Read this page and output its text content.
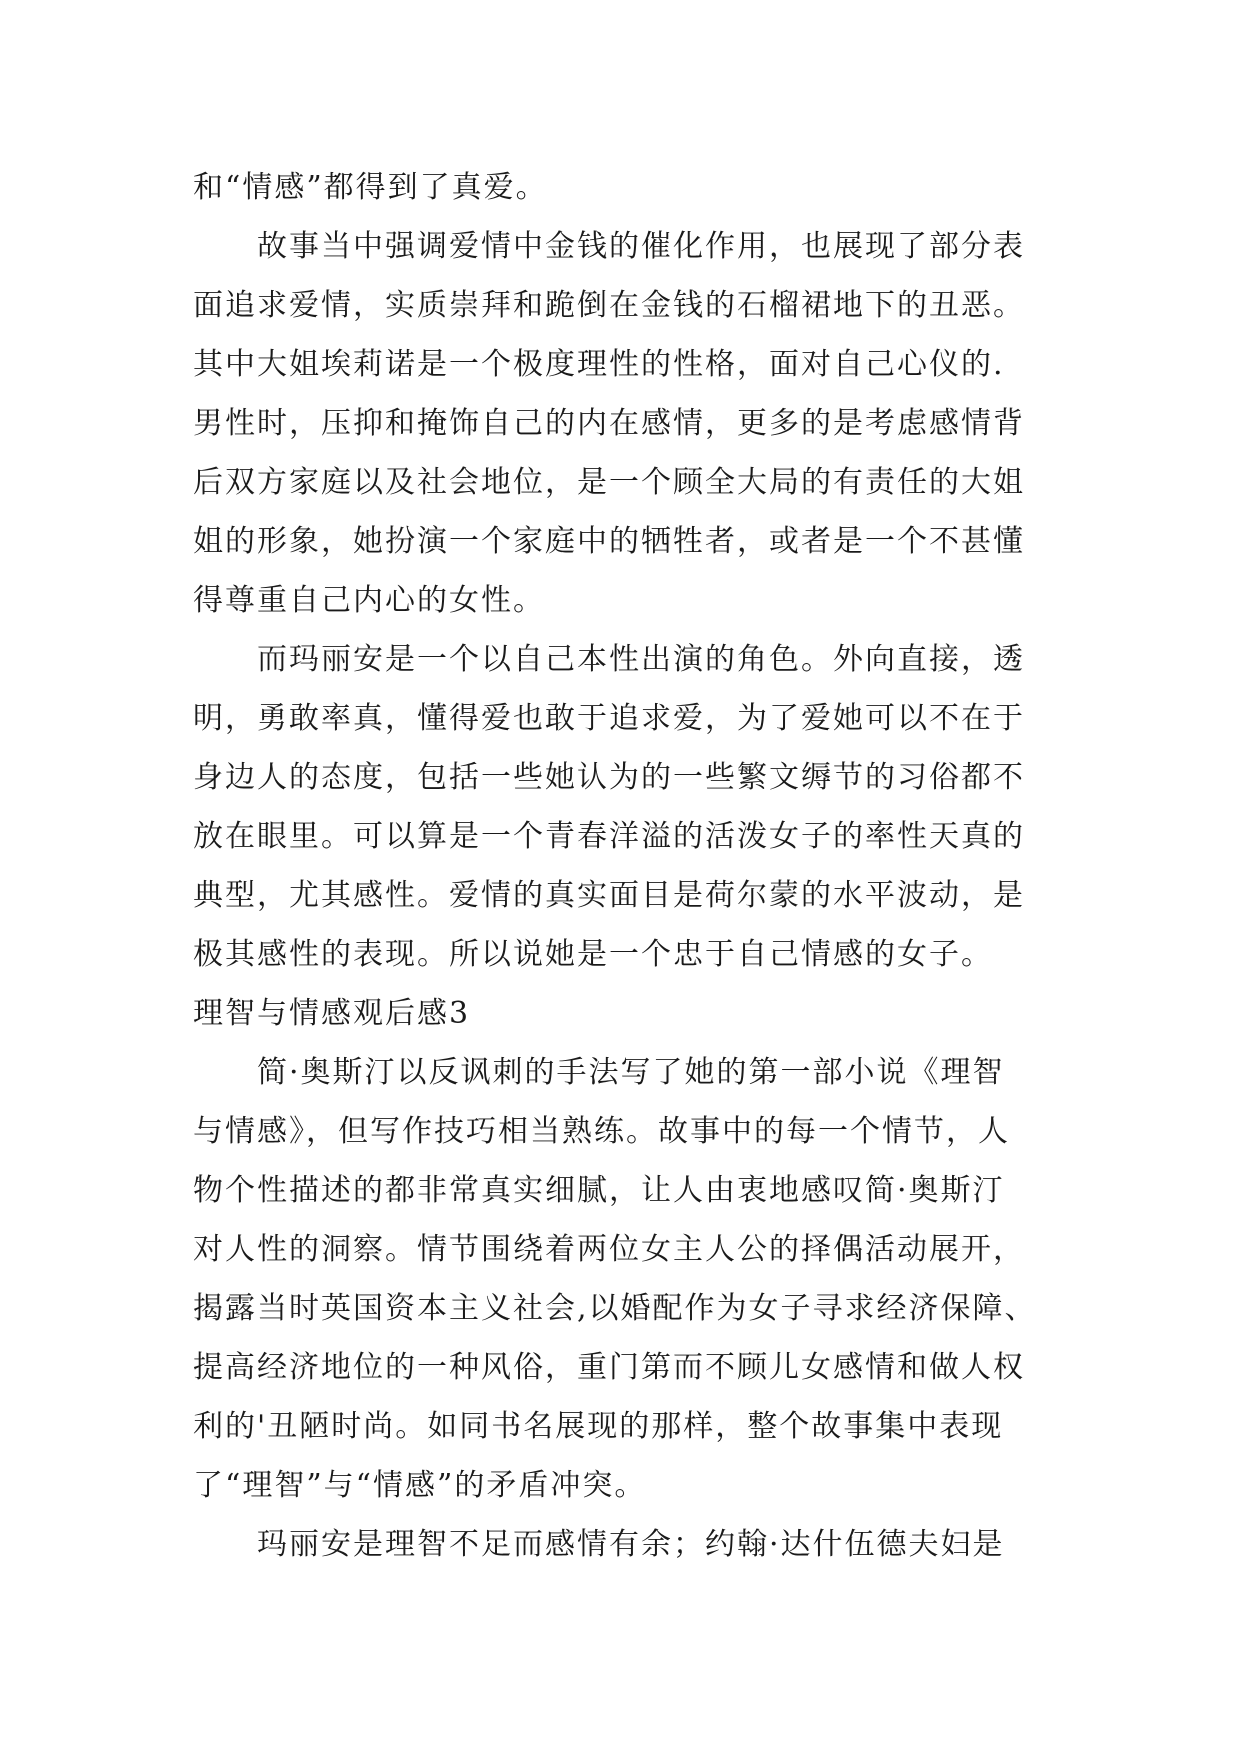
和“情感”都得到了真爱。
故事当中强调爱情中金钱的催化作用，也展现了部分表
面追求爱情，实质崇拜和跪倒在金钱的石榴裙地下的丑恶。
其中大姐埃莉诺是一个极度理性的性格，面对自己心仪的.
男性时，压抑和掩饰自己的内在感情，更多的是考虑感情背
后双方家庭以及社会地位，是一个顾全大局的有责任的大姐
姐的形象，她扮演一个家庭中的牺牲者，或者是一个不甚懂
得尊重自己内心的女性。
而玛丽安是一个以自己本性出演的角色。外向直接，透
明，勇敢率真，懂得爱也敢于追求爱，为了爱她可以不在于
身边人的态度，包括一些她认为的一些繁文缛节的习俗都不
放在眼里。可以算是一个青春洋溢的活泼女子的率性天真的
典型，尤其感性。爱情的真实面目是荷尔蒙的水平波动，是
极其感性的表现。所以说她是一个忠于自己情感的女子。
理智与情感观后感3
简·奥斯汀以反讽刺的手法写了她的第一部小说《理智
与情感》，但写作技巧相当熟练。故事中的每一个情节，人
物个性描述的都非常真实细腻，让人由衷地感叹简·奥斯汀
对人性的洞察。情节围绕着两位女主人公的择偶活动展开，
揭露当时英国资本主义社会,以婚配作为女子寻求经济保障、
提高经济地位的一种风俗，重门第而不顾儿女感情和做人权
利的'丑陋时尚。如同书名展现的那样，整个故事集中表现
了“理智”与“情感”的矛盾冲突。
玛丽安是理智不足而感情有余；约翰·达什伍德夫妇是
